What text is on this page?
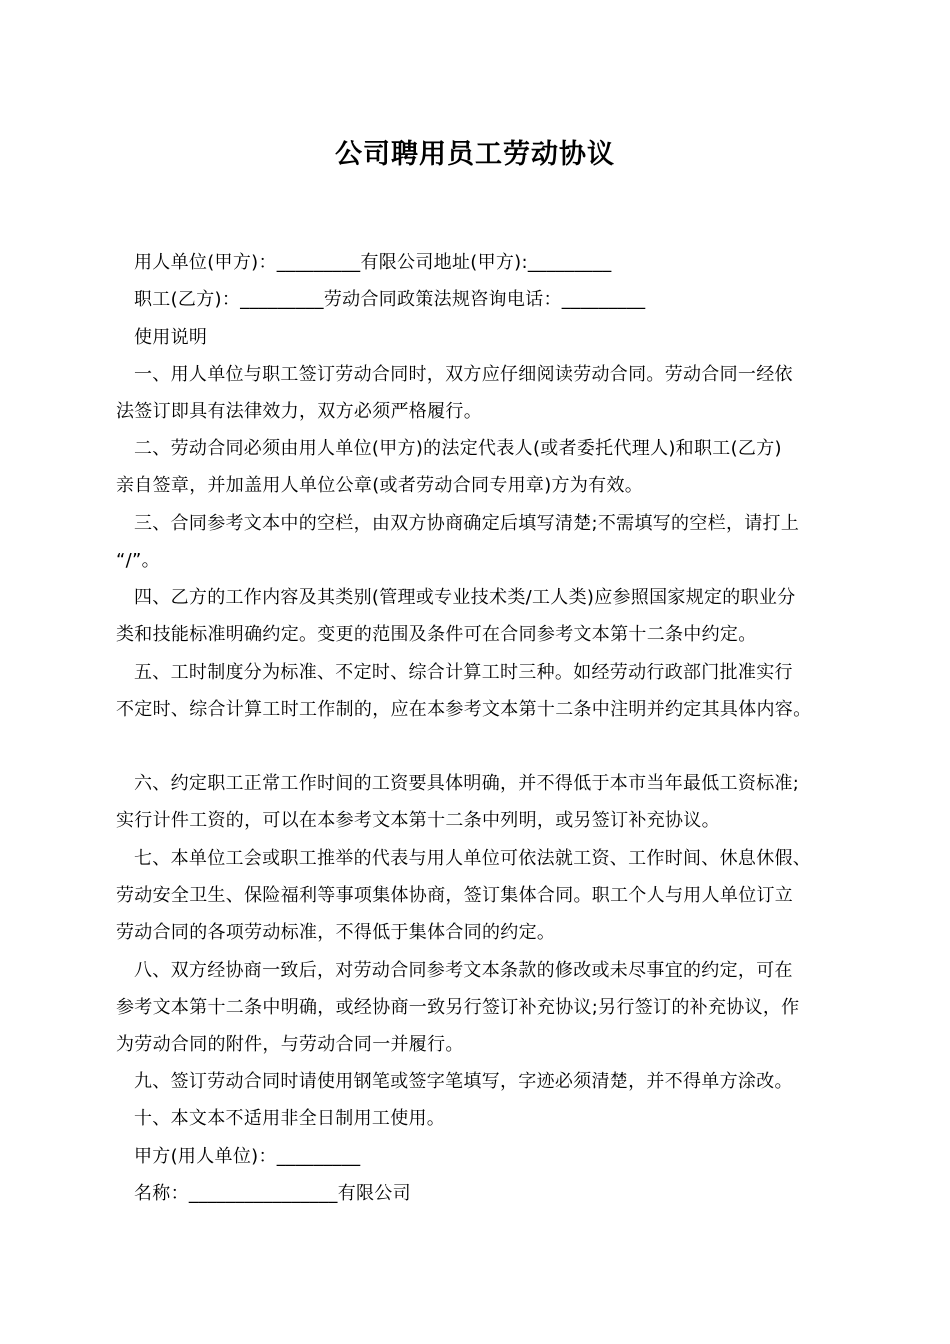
公司聘用员工劳动协议
用人单位(甲方)：_________有限公司地址(甲方):_________
职工(乙方)：_________劳动合同政策法规咨询电话：_________
使用说明
一、用人单位与职工签订劳动合同时，双方应仔细阅读劳动合同。劳动合同一经依
法签订即具有法律效力，双方必须严格履行。
二、劳动合同必须由用人单位(甲方)的法定代表人(或者委托代理人)和职工(乙方)
亲自签章，并加盖用人单位公章(或者劳动合同专用章)方为有效。
三、合同参考文本中的空栏，由双方协商确定后填写清楚;不需填写的空栏，请打上
“/”。
四、乙方的工作内容及其类别(管理或专业技术类/工人类)应参照国家规定的职业分
类和技能标准明确约定。变更的范围及条件可在合同参考文本第十二条中约定。
五、工时制度分为标准、不定时、综合计算工时三种。如经劳动行政部门批准实行
不定时、综合计算工时工作制的，应在本参考文本第十二条中注明并约定其具体内容。
六、约定职工正常工作时间的工资要具体明确，并不得低于本市当年最低工资标准;
实行计件工资的，可以在本参考文本第十二条中列明，或另签订补充协议。
七、本单位工会或职工推举的代表与用人单位可依法就工资、工作时间、休息休假、
劳动安全卫生、保险福利等事项集体协商，签订集体合同。职工个人与用人单位订立
劳动合同的各项劳动标准，不得低于集体合同的约定。
八、双方经协商一致后，对劳动合同参考文本条款的修改或未尽事宜的约定，可在
参考文本第十二条中明确，或经协商一致另行签订补充协议;另行签订的补充协议，作
为劳动合同的附件，与劳动合同一并履行。
九、签订劳动合同时请使用钢笔或签字笔填写，字迹必须清楚，并不得单方涂改。
十、本文本不适用非全日制用工使用。
甲方(用人单位)：_________
名称：________________有限公司
